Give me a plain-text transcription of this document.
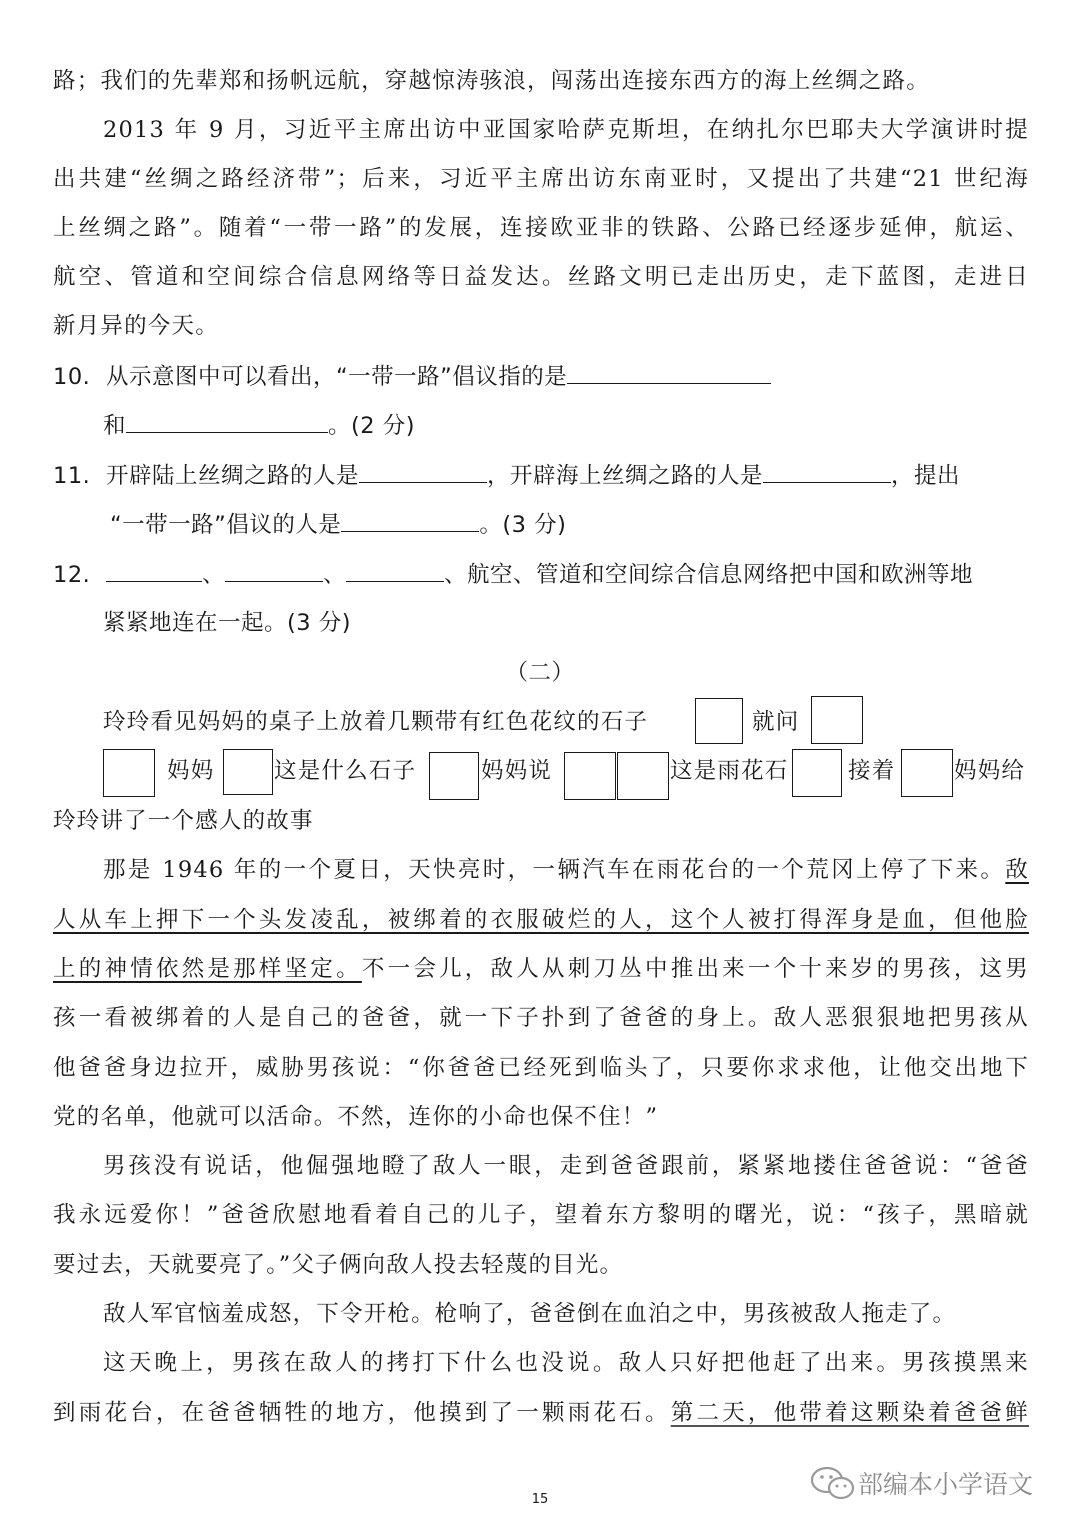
路；我们的先辈郑和扬帆远航，穿越惊涛骇浪，闯荡出连接东西方的海上丝绸之路。
2013 年 9 月，习近平主席出访中亚国家哈萨克斯坦，在纳扎尔巴耶夫大学演讲时提
出共建“丝绸之路经济带”；后来，习近平主席出访东南亚时，又提出了共建“21 世纪海
上丝绸之路”。随着“一带一路”的发展，连接欧亚非的铁路、公路已经逐步延伸，航运、
航空、管道和空间综合信息网络等日益发达。丝路文明已走出历史，走下蓝图，走进日
新月异的今天。
10. 从示意图中可以看出，“一带一路”倡议指的是
和	。(2 分)
11. 开辟陆上丝绸之路的人是	，开辟海上丝绸之路的人是	，提出
“一带一路”倡议的人是	。(3 分)
12.	、	、	、航空、管道和空间综合信息网络把中国和欧洲等地
紧紧地连在一起。(3 分)
（二）
玲玲看见妈妈的桌子上放着几颗带有红色花纹的石子	就问
妈妈	这是什么石子	妈妈说	这是雨花石	接着	妈妈给
玲玲讲了一个感人的故事
那是 1946 年的一个夏日，天快亮时，一辆汽车在雨花台的一个荒冈上停了下来。敌
人从车上押下一个头发凌乱，被绑着的衣服破烂的人，这个人被打得浑身是血，但他脸
上的神情依然是那样坚定。不一会儿，敌人从刺刀丛中推出来一个十来岁的男孩，这男
孩一看被绑着的人是自己的爸爸，就一下子扑到了爸爸的身上。敌人恶狠狠地把男孩从
他爸爸身边拉开，威胁男孩说：“你爸爸已经死到临头了，只要你求求他，让他交出地下
党的名单，他就可以活命。不然，连你的小命也保不住！”
男孩没有说话，他倔强地瞪了敌人一眼，走到爸爸跟前，紧紧地搂住爸爸说：“爸爸
我永远爱你！”爸爸欣慰地看着自己的儿子，望着东方黎明的曙光，说：“孩子，黑暗就
要过去，天就要亮了。”父子俩向敌人投去轻蔑的目光。
敌人军官恼羞成怒，下令开枪。枪响了，爸爸倒在血泊之中，男孩被敌人拖走了。
这天晚上，男孩在敌人的拷打下什么也没说。敌人只好把他赶了出来。男孩摸黑来
到雨花台，在爸爸牺牲的地方，他摸到了一颗雨花石。第二天，他带着这颗染着爸爸鲜
部编本小学语文
15
